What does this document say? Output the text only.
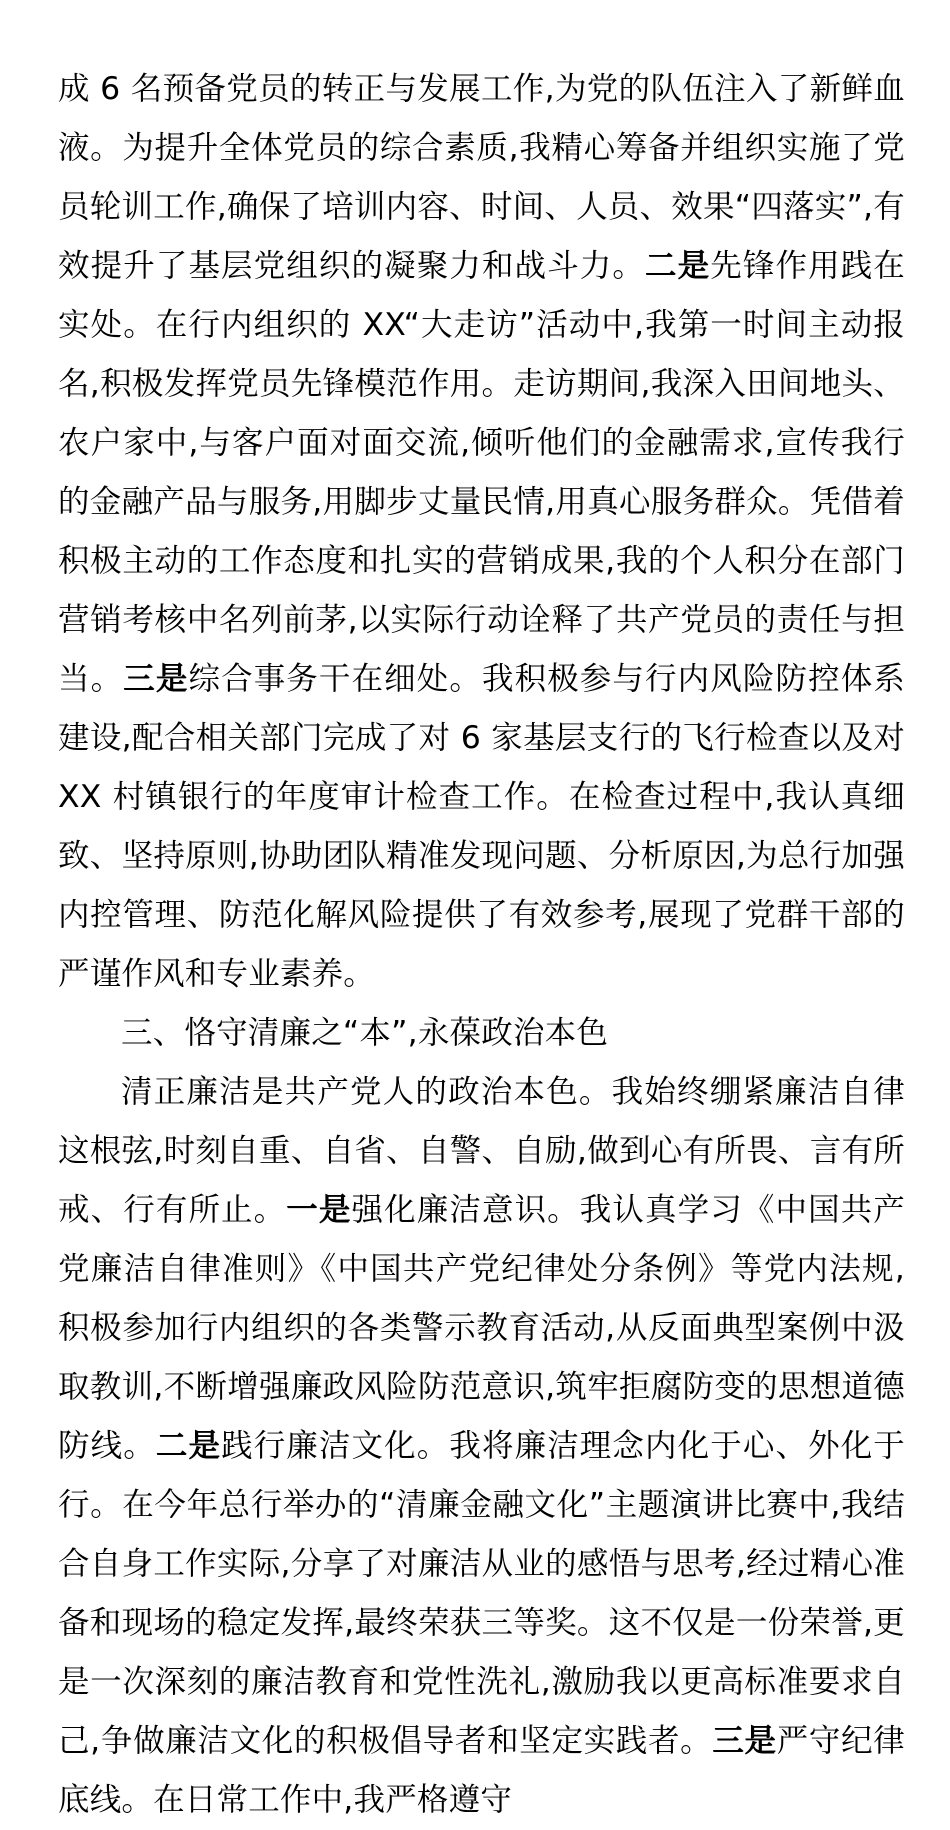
成 6 名预备党员的转正与发展工作,为党的队伍注入了新鲜血液。为提升全体党员的综合素质,我精心筹备并组织实施了党员轮训工作,确保了培训内容、时间、人员、效果“四落实”,有效提升了基层党组织的凝聚力和战斗力。二是先锋作用践在实处。在行内组织的 XX“大走访”活动中,我第一时间主动报名,积极发挥党员先锋模范作用。走访期间,我深入田间地头、农户家中,与客户面对面交流,倾听他们的金融需求,宣传我行的金融产品与服务,用脚步丈量民情,用真心服务群众。凭借着积极主动的工作态度和扎实的营销成果,我的个人积分在部门营销考核中名列前茅,以实际行动诠释了共产党员的责任与担当。三是综合事务干在细处。我积极参与行内风险防控体系建设,配合相关部门完成了对 6 家基层支行的飞行检查以及对 XX 村镇银行的年度审计检查工作。在检查过程中,我认真细致、坚持原则,协助团队精准发现问题、分析原因,为总行加强内控管理、防范化解风险提供了有效参考,展现了党群干部的严谨作风和专业素养。

三、恪守清廉之“本”,永葆政治本色

清正廉洁是共产党人的政治本色。我始终绷紧廉洁自律这根弦,时刻自重、自省、自警、自励,做到心有所畏、言有所戒、行有所止。一是强化廉洁意识。我认真学习《中国共产党廉洁自律准则》《中国共产党纪律处分条例》等党内法规,积极参加行内组织的各类警示教育活动,从反面典型案例中汲取教训,不断增强廉政风险防范意识,筑牢拒腐防变的思想道德防线。二是践行廉洁文化。我将廉洁理念内化于心、外化于行。在今年总行举办的“清廉金融文化”主题演讲比赛中,我结合自身工作实际,分享了对廉洁从业的感悟与思考,经过精心准备和现场的稳定发挥,最终荣获三等奖。这不仅是一份荣誉,更是一次深刻的廉洁教育和党性洗礼,激励我以更高标准要求自己,争做廉洁文化的积极倡导者和坚定实践者。三是严守纪律底线。在日常工作中,我严格遵守
